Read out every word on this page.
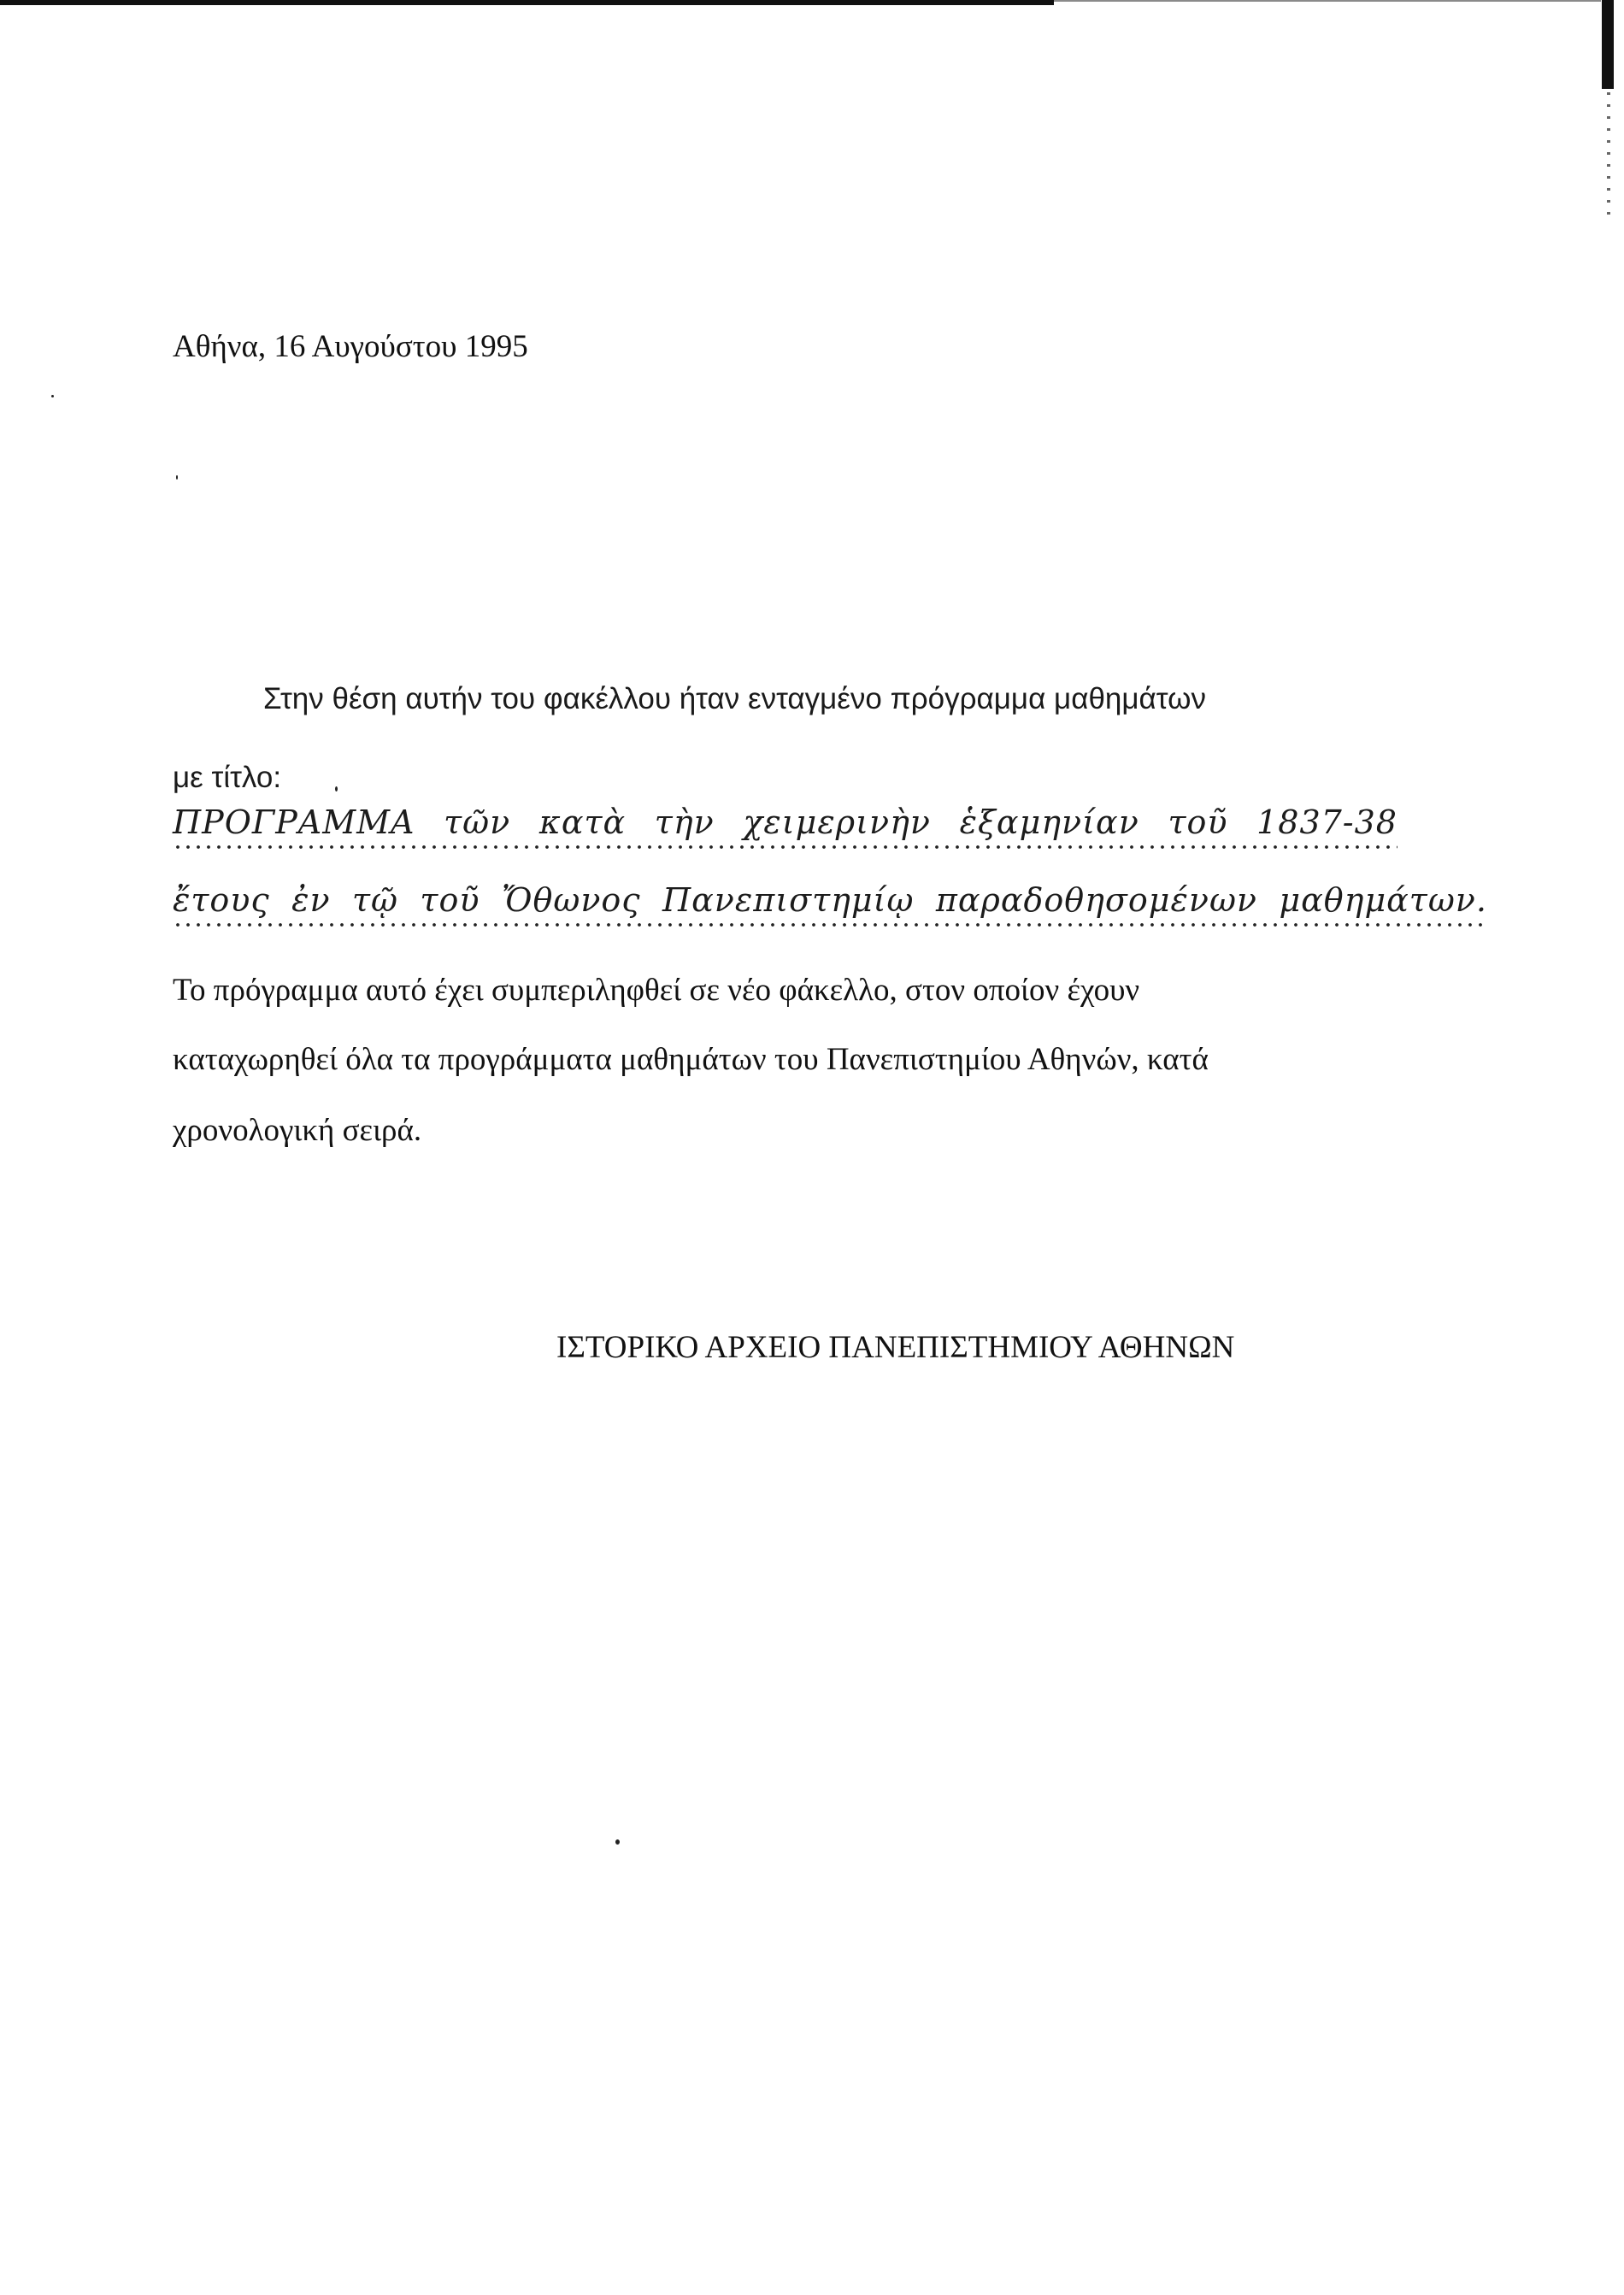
Αθήνα, 16 Αυγούστου 1995
Στην θέση αυτήν του φακέλλου ήταν ενταγμένο πρόγραμμα μαθημάτων
με τίτλο:
ΠΡΟΓΡΑΜΜΑ τῶν κατὰ τὴν χειμερινὴν ἑξαμηνίαν τοῦ 1837-38
ἔτους ἐν τῷ τοῦ Ὄθωνος Πανεπιστημίῳ παραδοθησομένων μαθημάτων.
Το πρόγραμμα αυτό έχει συμπεριληφθεί σε νέο φάκελλο, στον οποίον έχουν
καταχωρηθεί όλα τα προγράμματα μαθημάτων του Πανεπιστημίου Αθηνών, κατά
χρονολογική σειρά.
ΙΣΤΟΡΙΚΟ ΑΡΧΕΙΟ ΠΑΝΕΠΙΣΤΗΜΙΟΥ ΑΘΗΝΩΝ
